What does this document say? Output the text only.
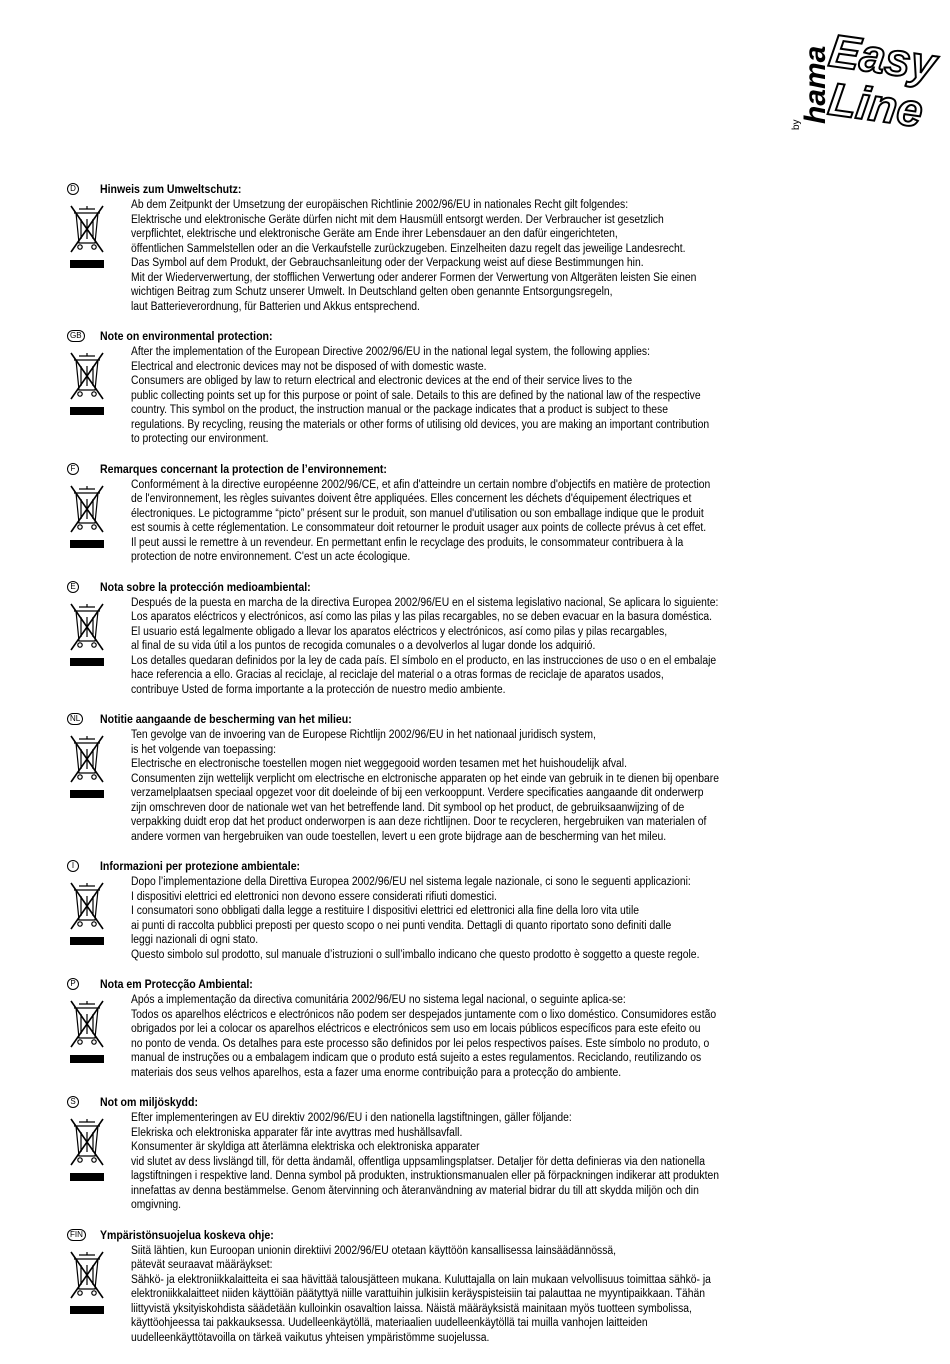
by
hama
Easy
Line
D Hinweis zum Umweltschutz:
Ab dem Zeitpunkt der Umsetzung der europäischen Richtlinie 2002/96/EU in nationales Recht gilt folgendes:
Elektrische und elektronische Geräte dürfen nicht mit dem Hausmüll entsorgt werden. Der Verbraucher ist gesetzlich
verpflichtet, elektrische und elektronische Geräte am Ende ihrer Lebensdauer an den dafür eingerichteten,
öffentlichen Sammelstellen oder an die Verkaufstelle zurückzugeben. Einzelheiten dazu regelt das jeweilige Landesrecht.
Das Symbol auf dem Produkt, der Gebrauchsanleitung oder der Verpackung weist auf diese Bestimmungen hin.
Mit der Wiederverwertung, der stofflichen Verwertung oder anderer Formen der Verwertung von Altgeräten leisten Sie einen
wichtigen Beitrag zum Schutz unserer Umwelt. In Deutschland gelten oben genannte Entsorgungsregeln,
laut Batterieverordnung, für Batterien und Akkus entsprechend.
GB Note on environmental protection:
After the implementation of the European Directive 2002/96/EU in the national legal system, the following applies:
Electrical and electronic devices may not be disposed of with domestic waste.
Consumers are obliged by law to return electrical and electronic devices at the end of their service lives to the
public collecting points set up for this purpose or point of sale. Details to this are defined by the national law of the respective
country. This symbol on the product, the instruction manual or the package indicates that a product is subject to these
regulations. By recycling, reusing the materials or other forms of utilising old devices, you are making an important contribution
to protecting our environment.
F Remarques concernant la protection de l’environnement:
Conformément à la directive européenne 2002/96/CE, et afin d'atteindre un certain nombre d'objectifs en matière de protection
de l'environnement, les règles suivantes doivent être appliquées. Elles concernent les déchets d'équipement électriques et
électroniques. Le pictogramme “picto” présent sur le produit, son manuel d'utilisation ou son emballage indique que le produit
est soumis à cette réglementation. Le consommateur doit retourner le produit usager aux points de collecte prévus à cet effet.
Il peut aussi le remettre à un revendeur. En permettant enfin le recyclage des produits, le consommateur contribuera à la
protection de notre environnement. C'est un acte écologique.
E Nota sobre la protección medioambiental:
Después de la puesta en marcha de la directiva Europea 2002/96/EU en el sistema legislativo nacional, Se aplicara lo siguiente:
Los aparatos eléctricos y electrónicos, así como las pilas y las pilas recargables, no se deben evacuar en la basura doméstica.
El usuario está legalmente obligado a llevar los aparatos eléctricos y electrónicos, así como pilas y pilas recargables,
al final de su vida útil a los puntos de recogida comunales o a devolverlos al lugar donde los adquirió.
Los detalles quedaran definidos por la ley de cada país. El símbolo en el producto, en las instrucciones de uso o en el embalaje
hace referencia a ello. Gracias al reciclaje, al reciclaje del material o a otras formas de reciclaje de aparatos usados,
contribuye Usted de forma importante a la protección de nuestro medio ambiente.
NL Notitie aangaande de bescherming van het milieu:
Ten gevolge van de invoering van de Europese Richtlijn 2002/96/EU in het nationaal juridisch system,
is het volgende van toepassing:
Electrische en electronische toestellen mogen niet weggegooid worden tesamen met het huishoudelijk afval.
Consumenten zijn wettelijk verplicht om electrische en elctronische apparaten op het einde van gebruik in te dienen bij openbare
verzamelplaatsen speciaal opgezet voor dit doeleinde of bij een verkooppunt. Verdere specificaties aangaande dit onderwerp
zijn omschreven door de nationale wet van het betreffende land. Dit symbool op het product, de gebruiksaanwijzing of de
verpakking duidt erop dat het product onderworpen is aan deze richtlijnen. Door te recycleren, hergebruiken van materialen of
andere vormen van hergebruiken van oude toestellen, levert u een grote bijdrage aan de bescherming van het mileu.
I	Informazioni per protezione ambientale:
Dopo l’implementazione della Direttiva Europea 2002/96/EU nel sistema legale nazionale, ci sono le seguenti applicazioni:
I dispositivi elettrici ed elettronici non devono essere considerati rifiuti domestici.
I consumatori sono obbligati dalla legge a restituire I dispositivi elettrici ed elettronici alla fine della loro vita utile
ai punti di raccolta pubblici preposti per questo scopo o nei punti vendita. Dettagli di quanto riportato sono definiti dalle
leggi nazionali di ogni stato.
Questo simbolo sul prodotto, sul manuale d’istruzioni o sull’imballo indicano che questo prodotto è soggetto a queste regole.
P Nota em Protecção Ambiental:
Após a implementação da directiva comunitária 2002/96/EU no sistema legal nacional, o seguinte aplica-se:
Todos os aparelhos eléctricos e electrónicos não podem ser despejados juntamente com o lixo doméstico. Consumidores estão
obrigados por lei a colocar os aparelhos eléctricos e electrónicos sem uso em locais públicos específicos para este efeito ou
no ponto de venda. Os detalhes para este processo são definidos por lei pelos respectivos países. Este símbolo no produto, o
manual de instruções ou a embalagem indicam que o produto está sujeito a estes regulamentos. Reciclando, reutilizando os
materiais dos seus velhos aparelhos, esta a fazer uma enorme contribuição para a protecção do ambiente.
S Not om miljöskydd:
Efter implementeringen av EU direktiv 2002/96/EU i den nationella lagstiftningen, gäller följande:
Elekriska och elektroniska apparater får inte avyttras med hushållsavfall.
Konsumenter är skyldiga att återlämna elektriska och elektroniska apparater
vid slutet av dess livslängd till, för detta ändamål, offentliga uppsamlingsplatser. Detaljer för detta definieras via den nationella
lagstiftningen i respektive land. Denna symbol på produkten, instruktionsmanualen eller på förpackningen indikerar att produkten
innefattas av denna bestämmelse. Genom återvinning och återanvändning av material bidrar du till att skydda miljön och din
omgivning.
FIN Ympäristönsuojelua koskeva ohje:
Siitä lähtien, kun Euroopan unionin direktiivi 2002/96/EU otetaan käyttöön kansallisessa lainsäädännössä,
pätevät seuraavat määräykset:
Sähkö- ja elektroniikkalaitteita ei saa hävittää talousjätteen mukana. Kuluttajalla on lain mukaan velvollisuus toimittaa sähkö- ja
elektroniikkalaitteet niiden käyttöiän päätyttyä niille varattuihin julkisiin keräyspisteisiin tai palauttaa ne myyntipaikkaan. Tähän
liittyvistä yksityiskohdista säädetään kulloinkin osavaltion laissa. Näistä määräyksistä mainitaan myös tuotteen symbolissa,
käyttöohjeessa tai pakkauksessa. Uudelleenkäytöllä, materiaalien uudelleenkäytöllä tai muilla vanhojen laitteiden
uudelleenkäyttötavoilla on tärkeä vaikutus yhteisen ympäristömme suojelussa.
